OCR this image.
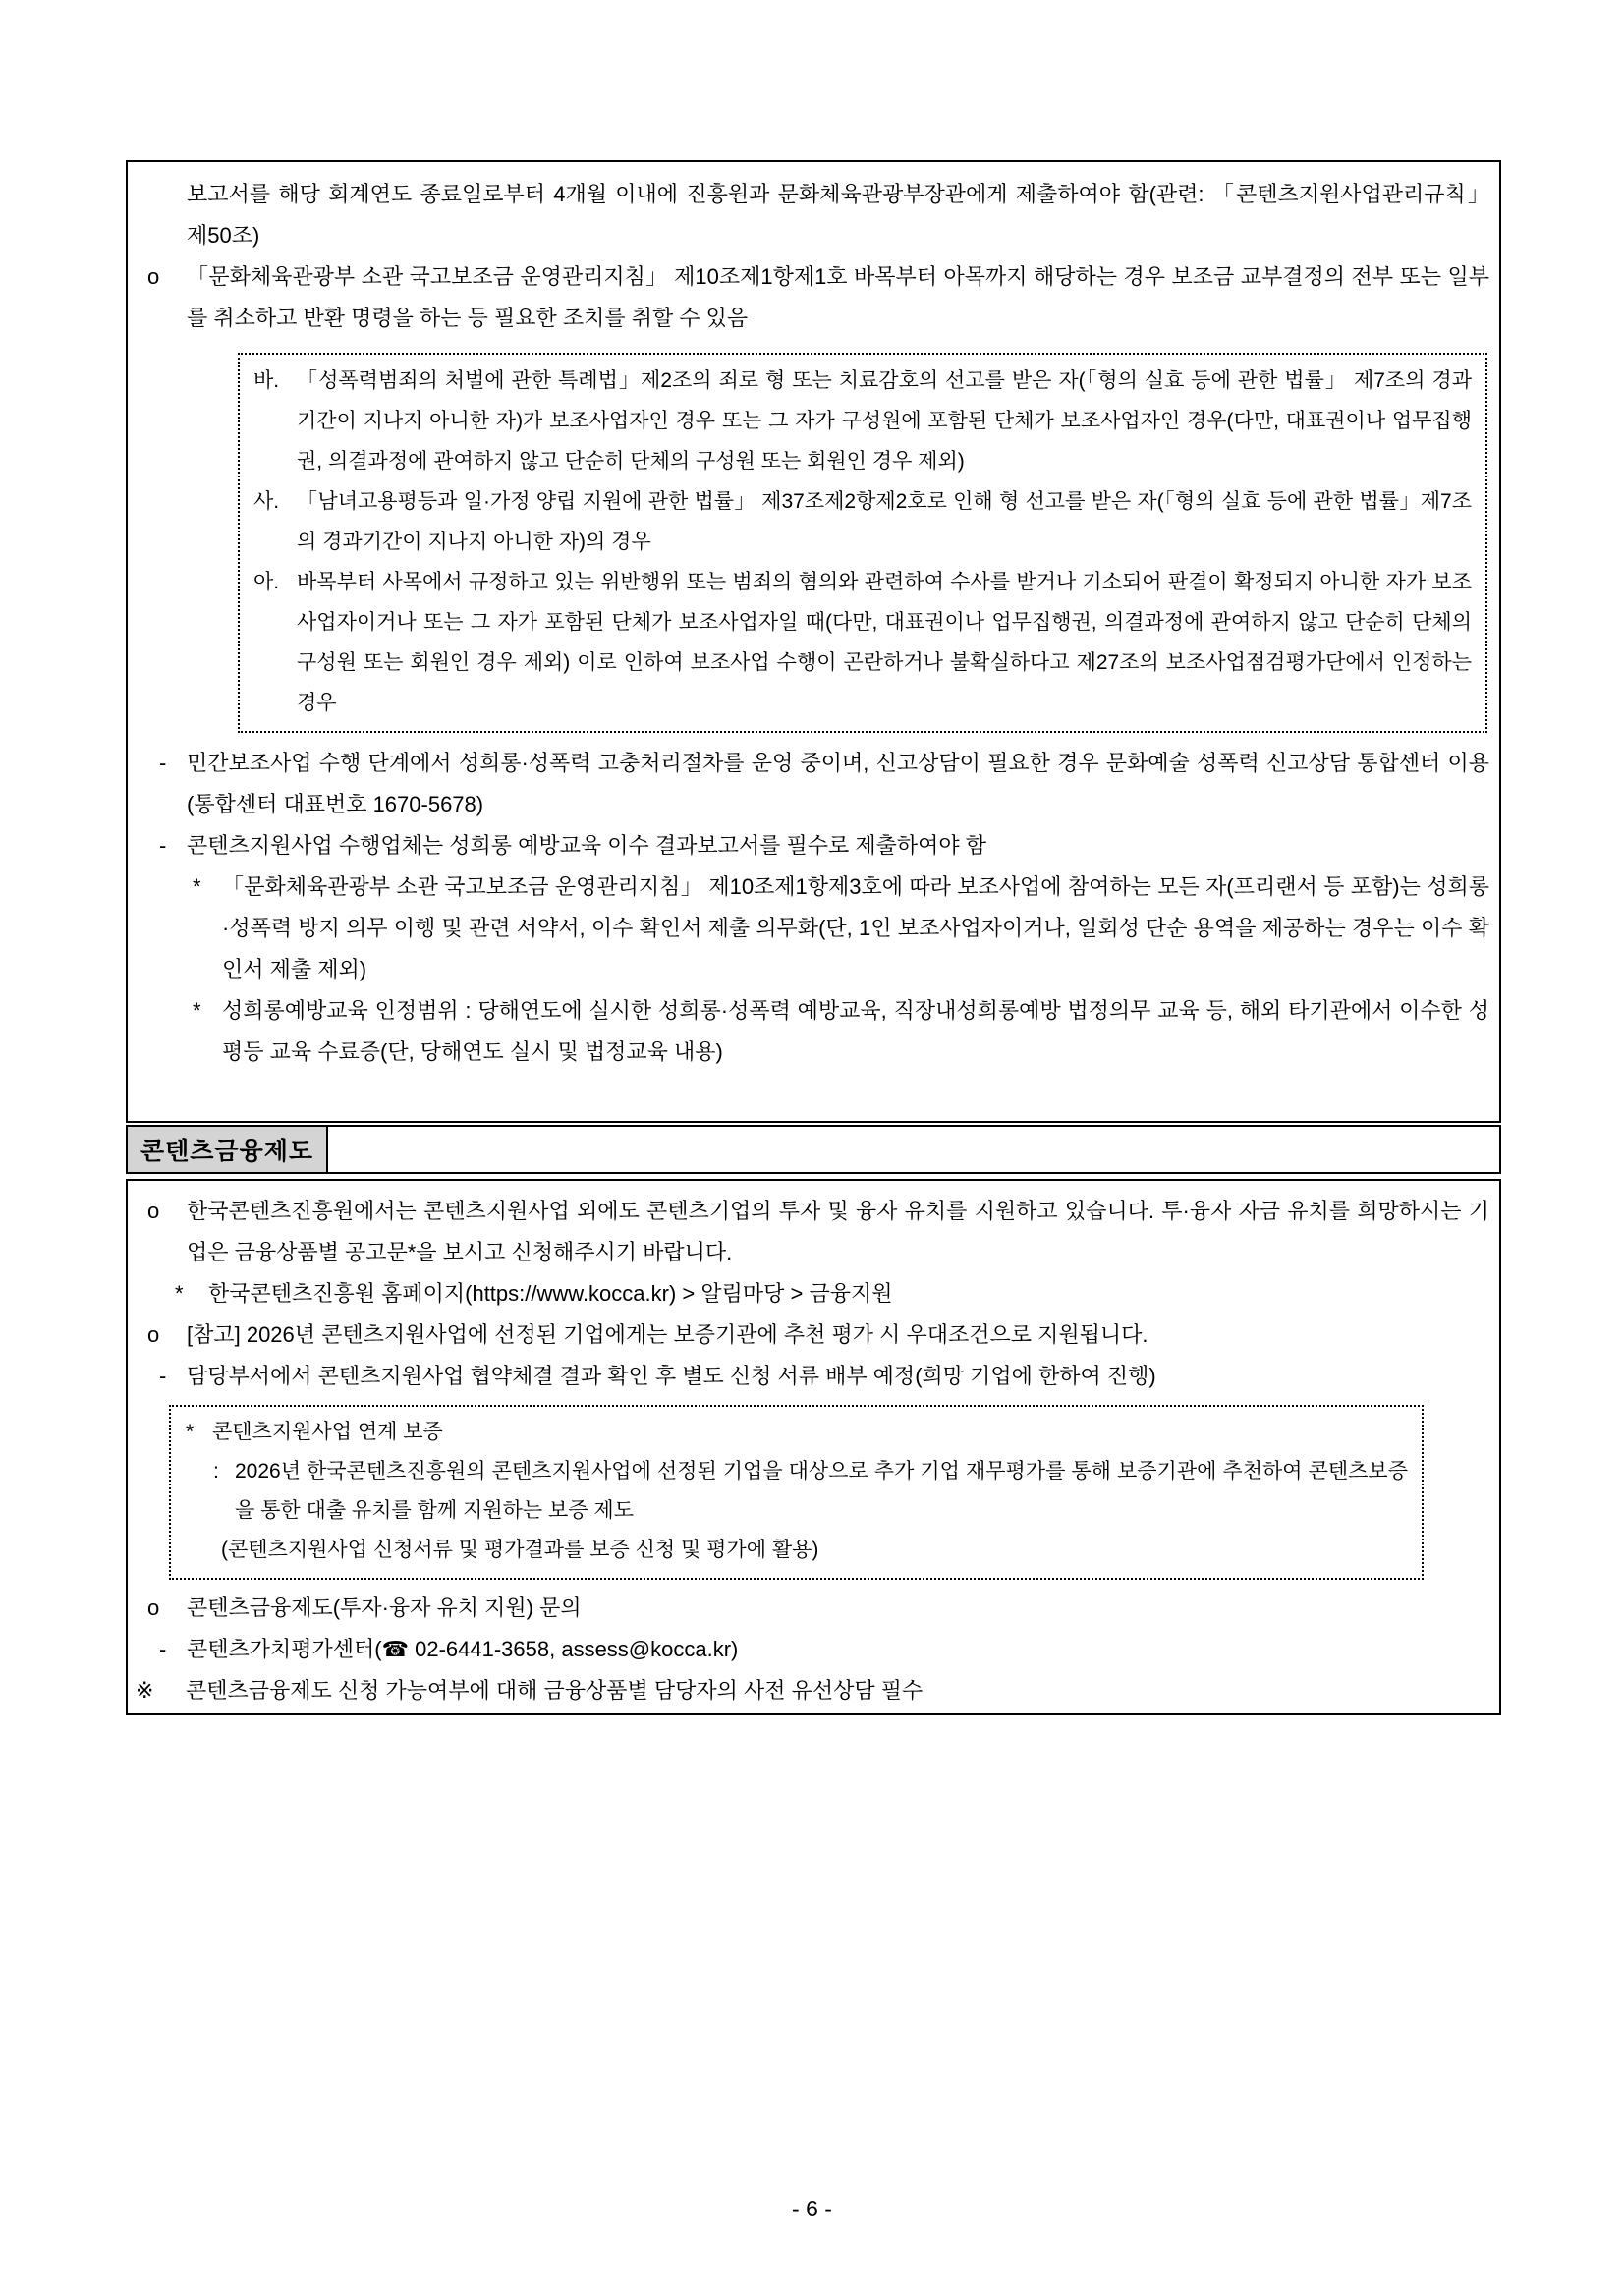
보고서를 해당 회계연도 종료일로부터 4개월 이내에 진흥원과 문화체육관광부장관에게 제출하여야 함(관련: 「콘텐츠지원사업관리규칙」 제50조)
o	「문화체육관광부 소관 국고보조금 운영관리지침」 제10조제1항제1호 바목부터 아목까지 해당하는 경우 보조금 교부결정의 전부 또는 일부를 취소하고 반환 명령을 하는 등 필요한 조치를 취할 수 있음
바. 「성폭력범죄의 처벌에 관한 특례법」제2조의 죄로 형 또는 치료감호의 선고를 받은 자(「형의 실효 등에 관한 법률」 제7조의 경과 기간이 지나지 아니한 자)가 보조사업자인 경우 또는 그 자가 구성원에 포함된 단체가 보조사업자인 경우(다만, 대표권이나 업무집행권, 의결과정에 관여하지 않고 단순히 단체의 구성원 또는 회원인 경우 제외)
사. 「남녀고용평등과 일·가정 양립 지원에 관한 법률」 제37조제2항제2호로 인해 형 선고를 받은 자(「형의 실효 등에 관한 법률」제7조의 경과기간이 지나지 아니한 자)의 경우
아. 바목부터 사목에서 규정하고 있는 위반행위 또는 범죄의 혐의와 관련하여 수사를 받거나 기소되어 판결이 확정되지 아니한 자가 보조사업자이거나 또는 그 자가 포함된 단체가 보조사업자일 때(다만, 대표권이나 업무집행권, 의결과정에 관여하지 않고 단순히 단체의 구성원 또는 회원인 경우 제외) 이로 인하여 보조사업 수행이 곤란하거나 불확실하다고 제27조의 보조사업점검평가단에서 인정하는 경우
- 민간보조사업 수행 단계에서 성희롱·성폭력 고충처리절차를 운영 중이며, 신고상담이 필요한 경우 문화예술 성폭력 신고상담 통합센터 이용(통합센터 대표번호 1670-5678)
- 콘텐츠지원사업 수행업체는 성희롱 예방교육 이수 결과보고서를 필수로 제출하여야 함
* 「문화체육관광부 소관 국고보조금 운영관리지침」 제10조제1항제3호에 따라 보조사업에 참여하는 모든 자(프리랜서 등 포함)는 성희롱·성폭력 방지 의무 이행 및 관련 서약서, 이수 확인서 제출 의무화(단, 1인 보조사업자이거나, 일회성 단순 용역을 제공하는 경우는 이수 확인서 제출 제외)
* 성희롱예방교육 인정범위 : 당해연도에 실시한 성희롱·성폭력 예방교육, 직장내성희롱예방 법정의무 교육 등, 해외 타기관에서 이수한 성평등 교육 수료증(단, 당해연도 실시 및 법정교육 내용)
콘텐츠금융제도
o	한국콘텐츠진흥원에서는 콘텐츠지원사업 외에도 콘텐츠기업의 투자 및 융자 유치를 지원하고 있습니다. 투·융자 자금 유치를 희망하시는 기업은 금융상품별 공고문*을 보시고 신청해주시기 바랍니다.
*	한국콘텐츠진흥원 홈페이지(https://www.kocca.kr) > 알림마당 > 금융지원
o	[참고] 2026년 콘텐츠지원사업에 선정된 기업에게는 보증기관에 추천 평가 시 우대조건으로 지원됩니다.
- 담당부서에서 콘텐츠지원사업 협약체결 결과 확인 후 별도 신청 서류 배부 예정(희망 기업에 한하여 진행)
* 콘텐츠지원사업 연계 보증
: 2026년 한국콘텐츠진흥원의 콘텐츠지원사업에 선정된 기업을 대상으로 추가 기업 재무평가를 통해 보증기관에 추천하여 콘텐츠보증을 통한 대출 유치를 함께 지원하는 보증 제도
(콘텐츠지원사업 신청서류 및 평가결과를 보증 신청 및 평가에 활용)
o	콘텐츠금융제도(투자·융자 유치 지원) 문의
- 콘텐츠가치평가센터(☎ 02-6441-3658, assess@kocca.kr)
※	콘텐츠금융제도 신청 가능여부에 대해 금융상품별 담당자의 사전 유선상담 필수
- 6 -
